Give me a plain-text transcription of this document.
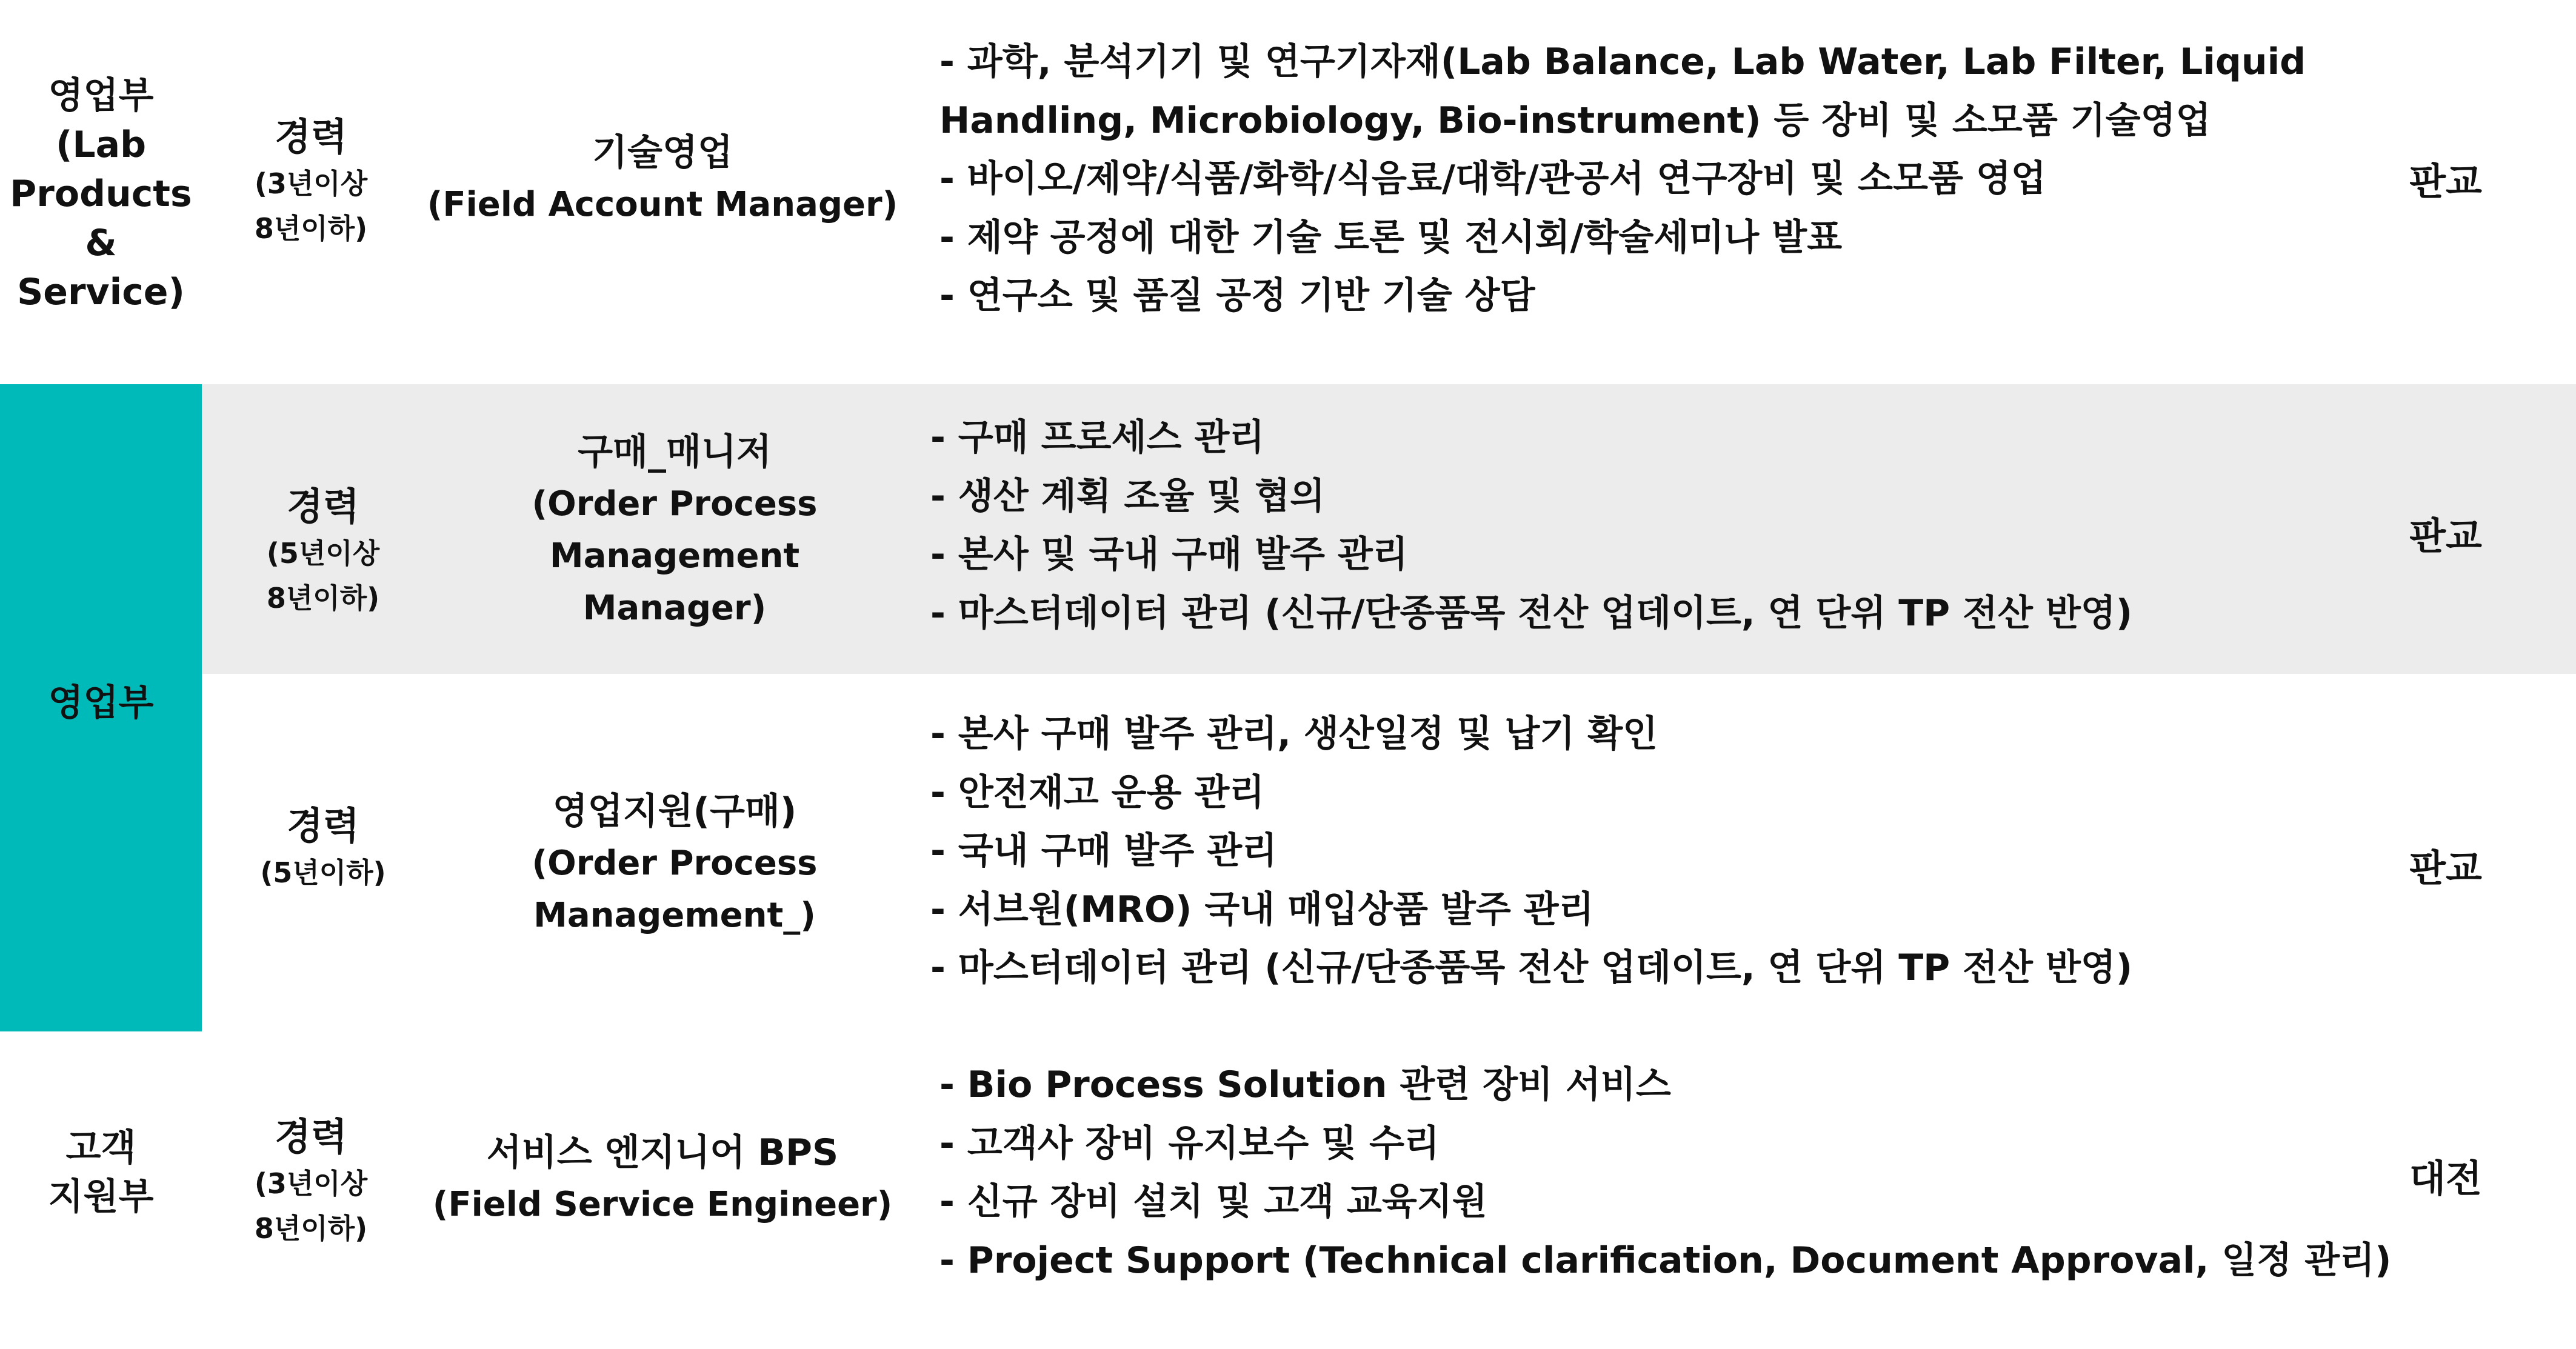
영업부
(Lab
Products
&
Service)
경력
(3년이상
8년이하)
기술영업
(Field Account Manager)
- 과학, 분석기기 및 연구기자재(Lab Balance, Lab Water, Lab Filter, Liquid
Handling, Microbiology, Bio-instrument) 등 장비 및 소모품 기술영업
- 바이오/제약/식품/화학/식음료/대학/관공서 연구장비 및 소모품 영업
- 제약 공정에 대한 기술 토론 및 전시회/학술세미나 발표
- 연구소 및 품질 공정 기반 기술 상담
판교
영업부
경력
(5년이상
8년이하)
구매_매니저
(Order Process
Management
Manager)
- 구매 프로세스 관리
- 생산 계획 조율 및 협의
- 본사 및 국내 구매 발주 관리
- 마스터데이터 관리 (신규/단종품목 전산 업데이트, 연 단위 TP 전산 반영)
판교
경력
(5년이하)
영업지원(구매)
(Order Process
Management_)
- 본사 구매 발주 관리, 생산일정 및 납기 확인
- 안전재고 운용 관리
- 국내 구매 발주 관리
- 서브원(MRO) 국내 매입상품 발주 관리
- 마스터데이터 관리 (신규/단종품목 전산 업데이트, 연 단위 TP 전산 반영)
판교
고객
지원부
경력
(3년이상
8년이하)
서비스 엔지니어 BPS
(Field Service Engineer)
- Bio Process Solution 관련 장비 서비스
- 고객사 장비 유지보수 및 수리
- 신규 장비 설치 및 고객 교육지원
- Project Support (Technical clarification, Document Approval, 일정 관리)
대전
